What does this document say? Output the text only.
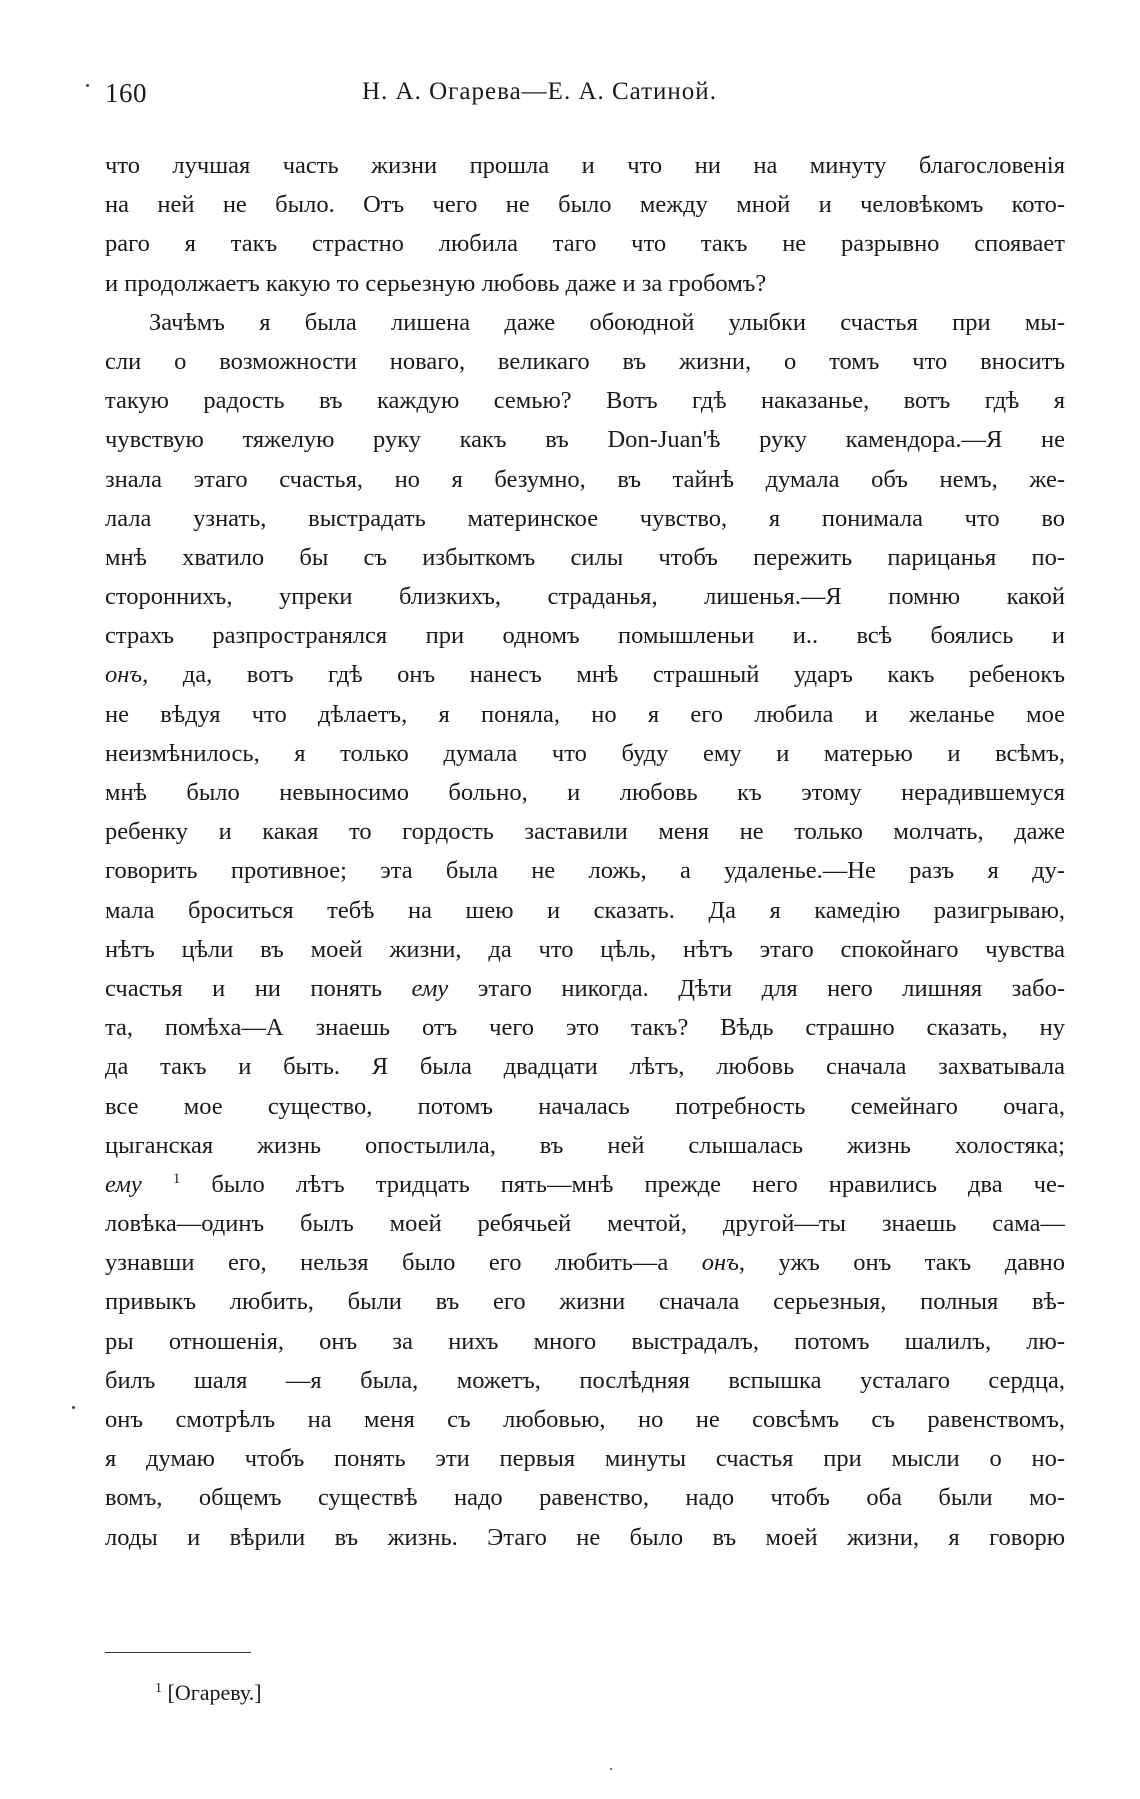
160	Н. А. Огарева—Е. А. Сатиной.
что лучшая часть жизни прошла и что ни на минуту благословенія
на ней не было. Отъ чего не было между мной и человѣкомъ кото-
раго я такъ страстно любила таго что такъ не разрывно споявает
и продолжаетъ какую то серьезную любовь даже и за гробомъ?
Зачѣмъ я была лишена даже обоюдной улыбки счастья при мы-
сли о возможности новаго, великаго въ жизни, о томъ что вноситъ
такую радость въ каждую семью? Вотъ гдѣ наказанье, вотъ гдѣ я
чувствую тяжелую руку какъ въ Don-Juan'ѣ руку камендора.—Я не
знала этаго счастья, но я безумно, въ тайнѣ думала объ немъ, же-
лала узнать, выстрадать материнское чувство, я понимала что во
мнѣ хватило бы съ избыткомъ силы чтобъ пережить парицанья по-
стороннихъ, упреки близкихъ, страданья, лишенья.—Я помню какой
страхъ разпространялся при одномъ помышленьи и.. всѣ боялись и
онъ, да, вотъ гдѣ онъ нанесъ мнѣ страшный ударъ какъ ребенокъ
не вѣдуя что дѣлаетъ, я поняла, но я его любила и желанье мое
неизмѣнилось, я только думала что буду ему и матерью и всѣмъ,
мнѣ было невыносимо больно, и любовь къ этому нерадившемуся
ребенку и какая то гордость заставили меня не только молчать, даже
говорить противное; эта была не ложь, а удаленье.—Не разъ я ду-
мала броситься тебѣ на шею и сказать. Да я камедію разигрываю,
нѣтъ цѣли въ моей жизни, да что цѣль, нѣтъ этаго спокойнаго чувства
счастья и ни понять ему этаго никогда. Дѣти для него лишняя забо-
та, помѣха—А знаешь отъ чего это такъ? Вѣдь страшно сказать, ну
да такъ и быть. Я была двадцати лѣтъ, любовь сначала захватывала
все мое существо, потомъ началась потребность семейнаго очага,
цыганская жизнь опостылила, въ ней слышалась жизнь холостяка;
ему $^1$ было лѣтъ тридцать пять—мнѣ прежде него нравились два че-
ловѣка—одинъ былъ моей ребячьей мечтой, другой—ты знаешь сама—
узнавши его, нельзя было его любить—а онъ, ужъ онъ такъ давно
привыкъ любить, были въ его жизни сначала серьезныя, полныя вѣ-
ры отношенія, онъ за нихъ много выстрадалъ, потомъ шалилъ, лю-
билъ шаля —я была, можетъ, послѣдняя вспышка усталаго сердца,
онъ смотрѣлъ на меня съ любовью, но не совсѣмъ съ равенствомъ,
я думаю чтобъ понять эти первыя минуты счастья при мысли о но-
вомъ, общемъ существѣ надо равенство, надо чтобъ оба были мо-
лоды и вѣрили въ жизнь. Этаго не было въ моей жизни, я говорю
$^1$ [Огареву.]
